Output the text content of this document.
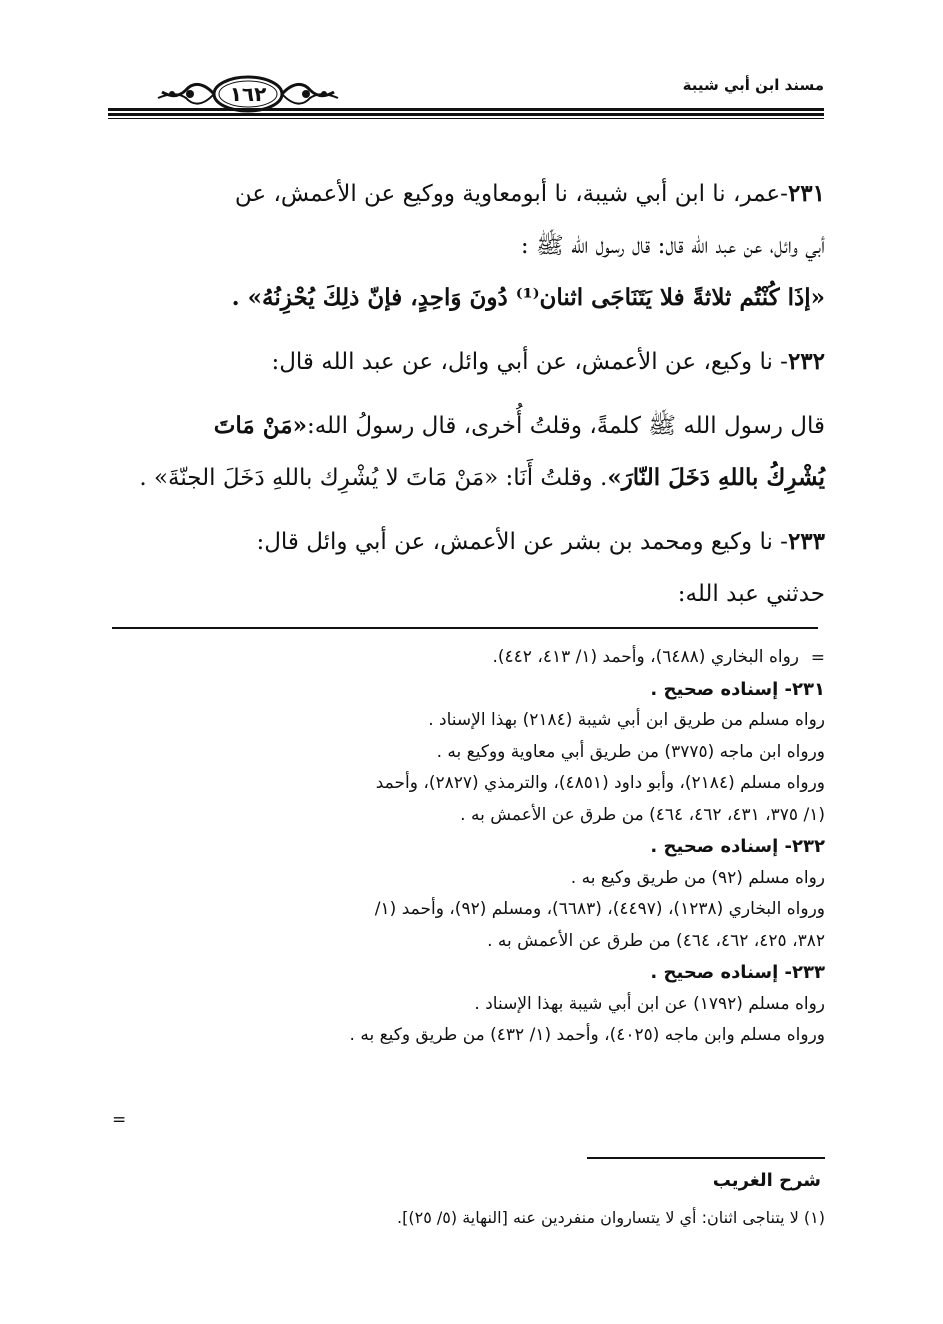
مسند ابن أبي شيبة
١٦٢

٢٣١-عمر، نا ابن أبي شيبة، نا أبومعاوية ووكيع عن الأعمش، عن

أبي وائل، عن عبد الله قال: قال رسول الله ﷺ :

«إذَا كُنْتُم ثلاثةً فلا يَتَنَاجَى اثنان⁽¹⁾ دُونَ وَاحِدٍ، فإنّ ذلِكَ يُحْزِنُهُ» .

٢٣٢- نا وكيع، عن الأعمش، عن أبي وائل، عن عبد الله قال:

قال رسول الله ﷺ كلمةً، وقلتُ أُخرى، قال رسولُ الله:«مَنْ مَاتَ

يُشْرِكُ باللهِ دَخَلَ النّارَ». وقلتُ أَنَا: «مَنْ مَاتَ لا يُشْرِك باللهِ دَخَلَ الجنّةَ» .

٢٣٣- نا وكيع ومحمد بن بشر عن الأعمش، عن أبي وائل قال:

حدثني عبد الله:

=

رواه البخاري (٦٤٨٨)، وأحمد (١/ ٤١٣، ٤٤٢).

٢٣١- إسناده صحيح .

رواه مسلم من طريق ابن أبي شيبة (٢١٨٤) بهذا الإسناد .

ورواه ابن ماجه (٣٧٧٥) من طريق أبي معاوية ووكيع به .

ورواه مسلم (٢١٨٤)، وأبو داود (٤٨٥١)، والترمذي (٢٨٢٧)، وأحمد

(١/ ٣٧٥، ٤٣١، ٤٦٢، ٤٦٤) من طرق عن الأعمش به .

٢٣٢- إسناده صحيح .

رواه مسلم (٩٢) من طريق وكيع به .

ورواه البخاري (١٢٣٨)، (٤٤٩٧)، (٦٦٨٣)، ومسلم (٩٢)، وأحمد (١/

٣٨٢، ٤٢٥، ٤٦٢، ٤٦٤) من طرق عن الأعمش به .

٢٣٣- إسناده صحيح .

رواه مسلم (١٧٩٢) عن ابن أبي شيبة بهذا الإسناد .

ورواه مسلم وابن ماجه (٤٠٢٥)، وأحمد (١/ ٤٣٢) من طريق وكيع به .

=
شرح الغريب
(١) لا يتناجى اثنان: أي لا يتساروان منفردين عنه [النهاية (٥/ ٢٥)].
